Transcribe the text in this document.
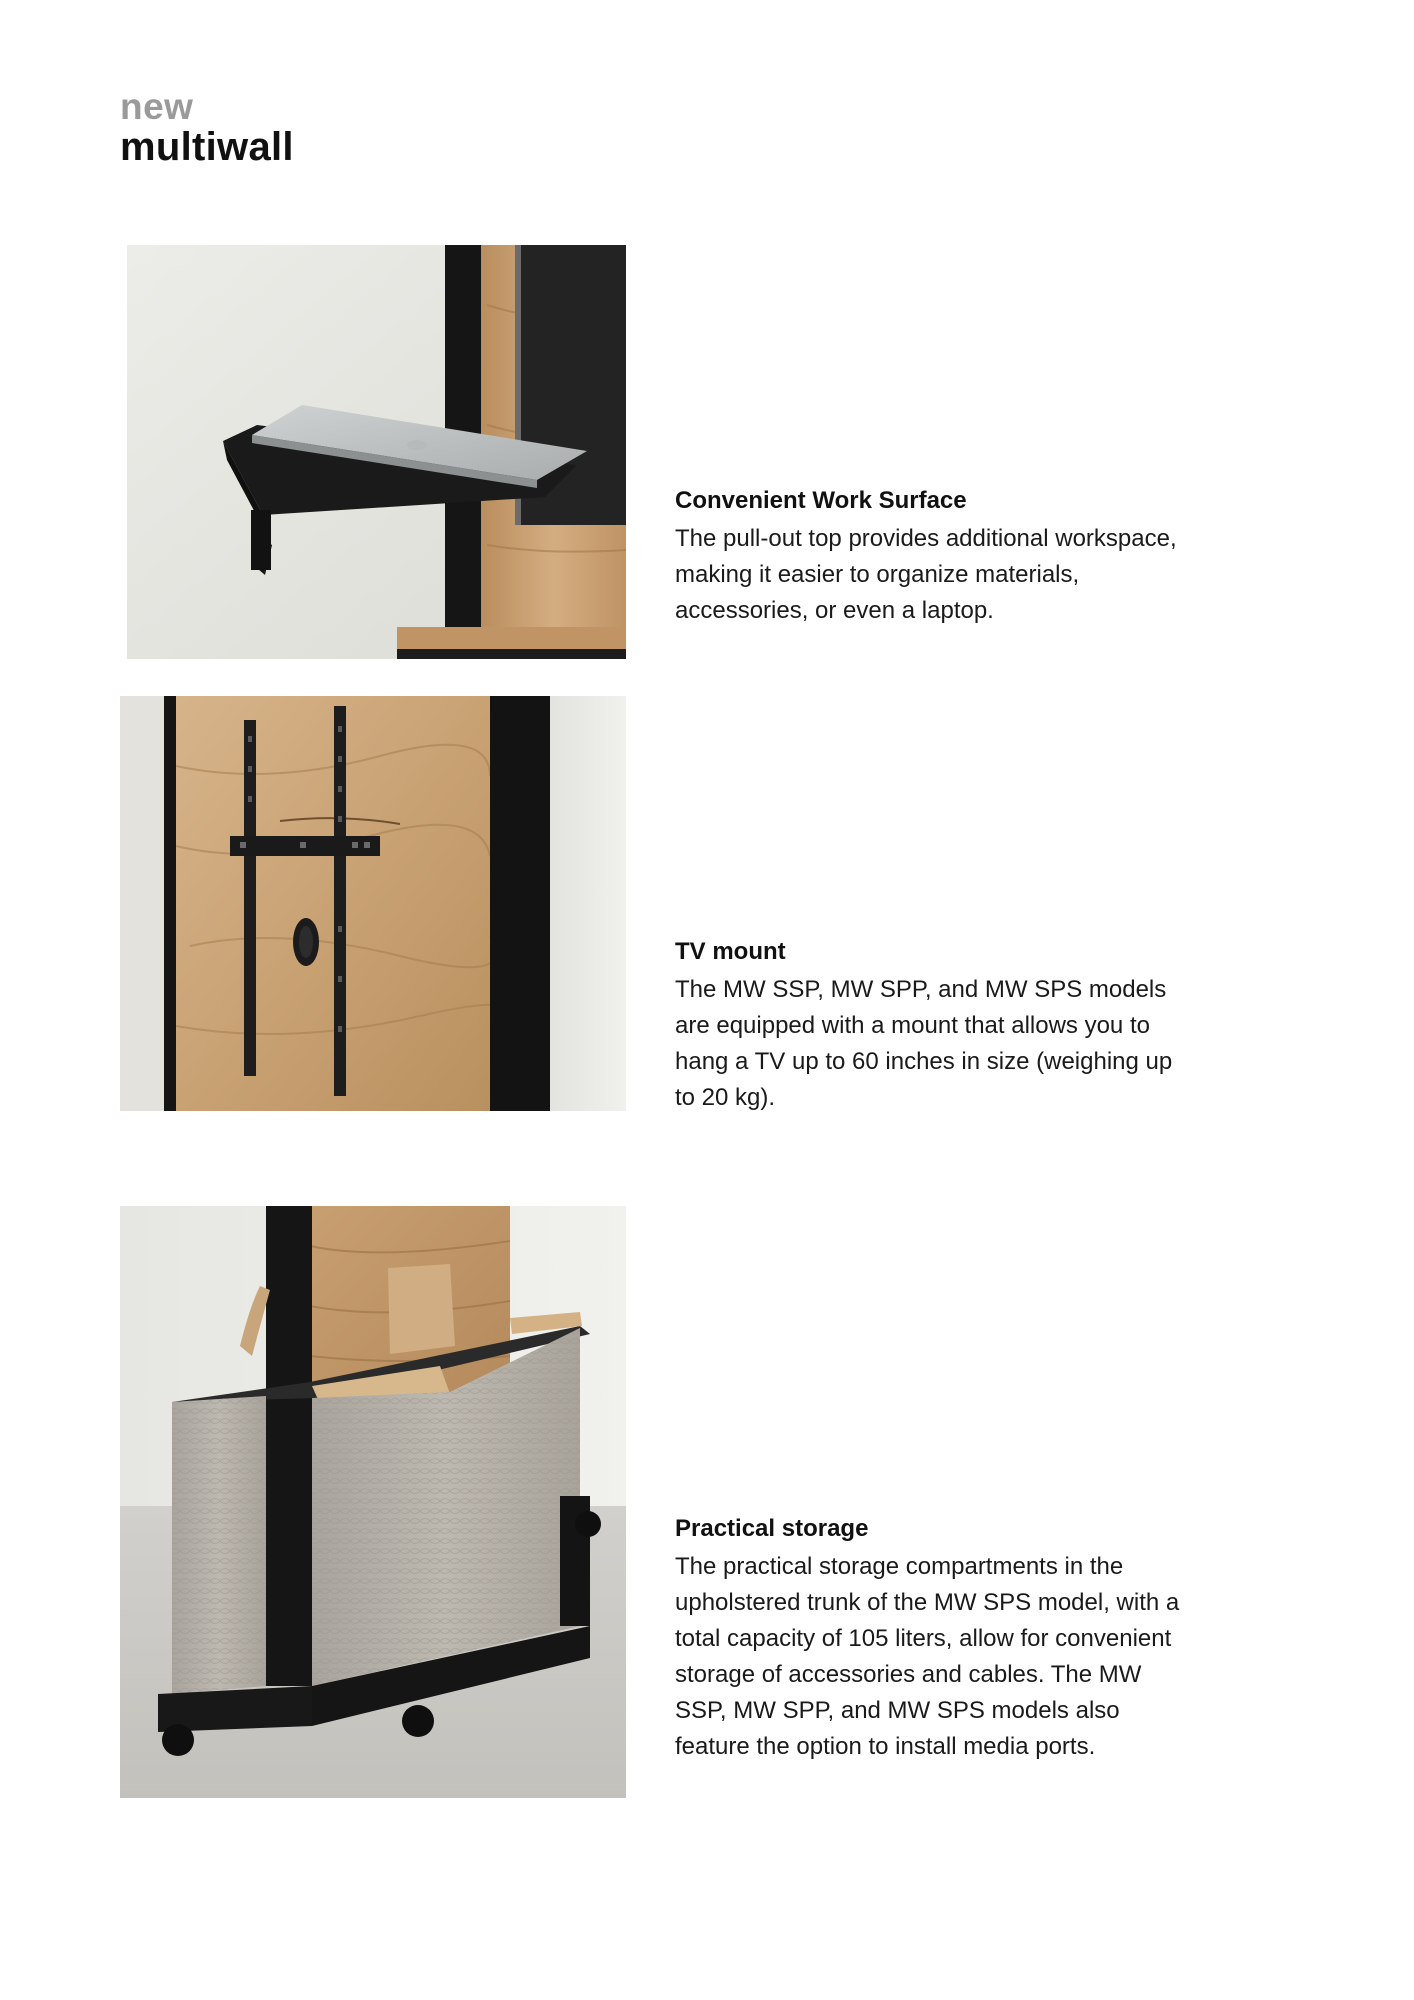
new
multiwall
Convenient Work Surface

The pull-out top provides additional workspace, making it easier to organize materials, accessories, or even a laptop.

TV mount

The MW SSP, MW SPP, and MW SPS models are equipped with a mount that allows you to hang a TV up to 60 inches in size (weighing up to 20 kg).

Practical storage

The practical storage compartments in the upholstered trunk of the MW SPS model, with a total capacity of 105 liters, allow for convenient storage of accessories and cables. The MW SSP, MW SPP, and MW SPS models also feature the option to install media ports.
